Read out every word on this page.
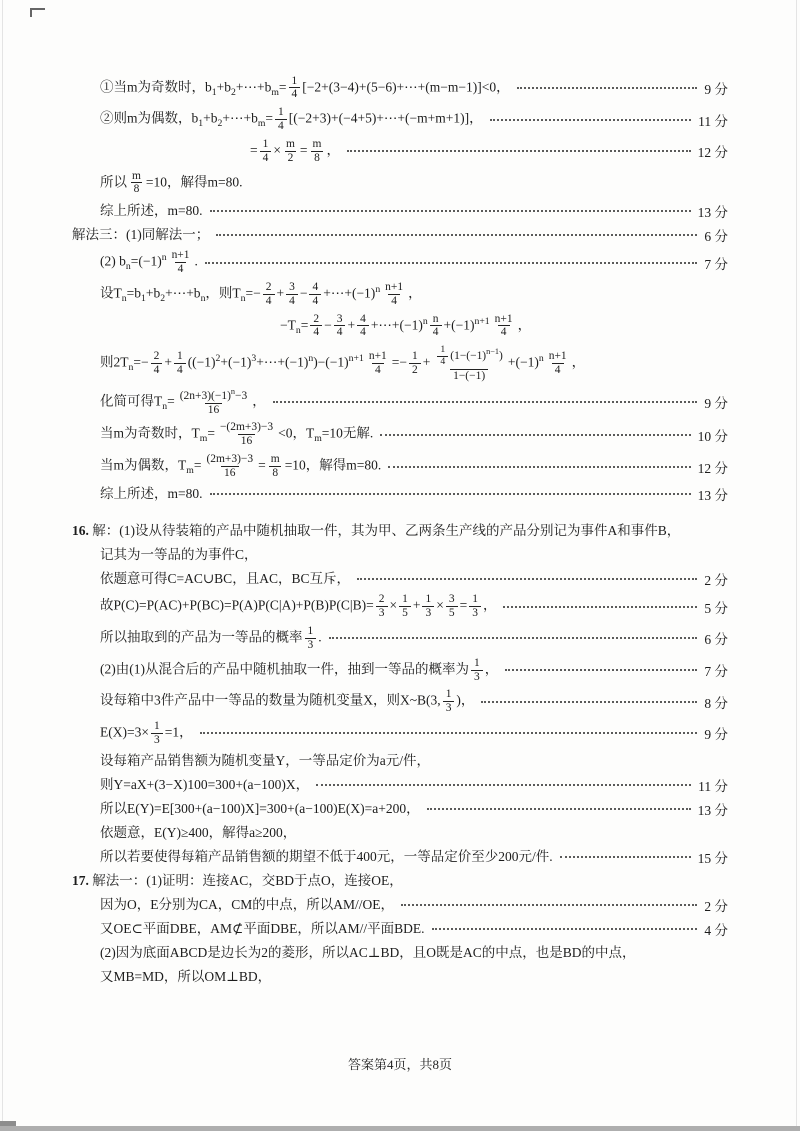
①当m为奇数时，$b_1+b_2+\cdots+b_m= \frac{1}{4}$ [−2+(3−4)+(5−6)+⋯+(m−m−1)]<0，	9 分
②则m为偶数，$b_1+b_2+\cdots+b_m= \frac{1}{4}$ [(−2+3)+(−4+5)+⋯+(−m+m+1)]，	11 分
= $\frac{1}{4} \times \frac{m}{2} = \frac{m}{8}$ ，	12 分
所以 $\frac{m}{8} =10$，解得m=80.
综上所述，m=80.	13 分
解法三：(1)同解法一；	6 分
(2) $b_n=(-1)^n \frac{n+1}{4}$ .	7 分
设$T_n=b_1+b_2+\cdots+b_n$，则$T_n=- \frac{2}{4} + \frac{3}{4} - \frac{4}{4}$ $+\cdots+(-1)^n \frac{n+1}{4}$ ，
$-T_n= \frac{2}{4} - \frac{3}{4} + \frac{4}{4}$ $+\cdots+(-1)^n \frac{n}{4} +(-1)^{n+1} \frac{n+1}{4}$ ，
则$2T_n=- \frac{2}{4} + \frac{1}{4}$ $((-1)^2+(-1)^3+\cdots+(-1)^n)-(-1)^{n+1} \frac{n+1}{4} =- \frac{1}{2} + \frac{\frac{1}{4} (1-(-1)^{n-1})}{1-(-1)} +(-1)^n \frac{n+1}{4}$ ，
化简可得$T_n= \frac{(2n+3)(-1)^n-3}{16}$ ，	9 分
当m为奇数时，$T_m= \frac{-(2m+3)-3}{16} <0$，$T_m=10$无解.	10 分
当m为偶数，$T_m= \frac{(2m+3)-3}{16} = \frac{m}{8} =10$，解得m=80.	12 分
综上所述，m=80.	13 分
16. 解：(1)设从待装箱的产品中随机抽取一件，其为甲、乙两条生产线的产品分别记为事件A和事件B，
记其为一等品的为事件C，
依题意可得C=AC∪BC，且AC，BC互斥，	2 分
故$P(C)=P(AC)+P(BC)=P(A)P(C|A)+P(B)P(C|B)= \frac{2}{3} \times \frac{1}{5} + \frac{1}{3} \times \frac{3}{5} = \frac{1}{3}$ ，	5 分
所以抽取到的产品为一等品的概率 $\frac{1}{3}$ .	6 分
(2)由(1)从混合后的产品中随机抽取一件，抽到一等品的概率为 $\frac{1}{3}$ ，	7 分
设每箱中3件产品中一等品的数量为随机变量X，则X~B(3, $\frac{1}{3}$ )，	8 分
$E(X)=3\times \frac{1}{3} =1$，	9 分
设每箱产品销售额为随机变量Y，一等品定价为a元/件，
则Y=aX+(3−X)100=300+(a−100)X，	11 分
所以E(Y)=E[300+(a−100)X]=300+(a−100)E(X)=a+200，	13 分
依题意，E(Y)≥400，解得a≥200，
所以若要使得每箱产品销售额的期望不低于400元，一等品定价至少200元/件.	15 分
17. 解法一：(1)证明：连接AC，交BD于点O，连接OE，
因为O，E分别为CA，CM的中点，所以AM//OE，	2 分
又OE⊂平面DBE，AM⊄平面DBE，所以AM//平面BDE.	4 分
(2)因为底面ABCD是边长为2的菱形，所以AC⊥BD，且O既是AC的中点，也是BD的中点，
又MB=MD，所以OM⊥BD，
答案第4页，共8页
